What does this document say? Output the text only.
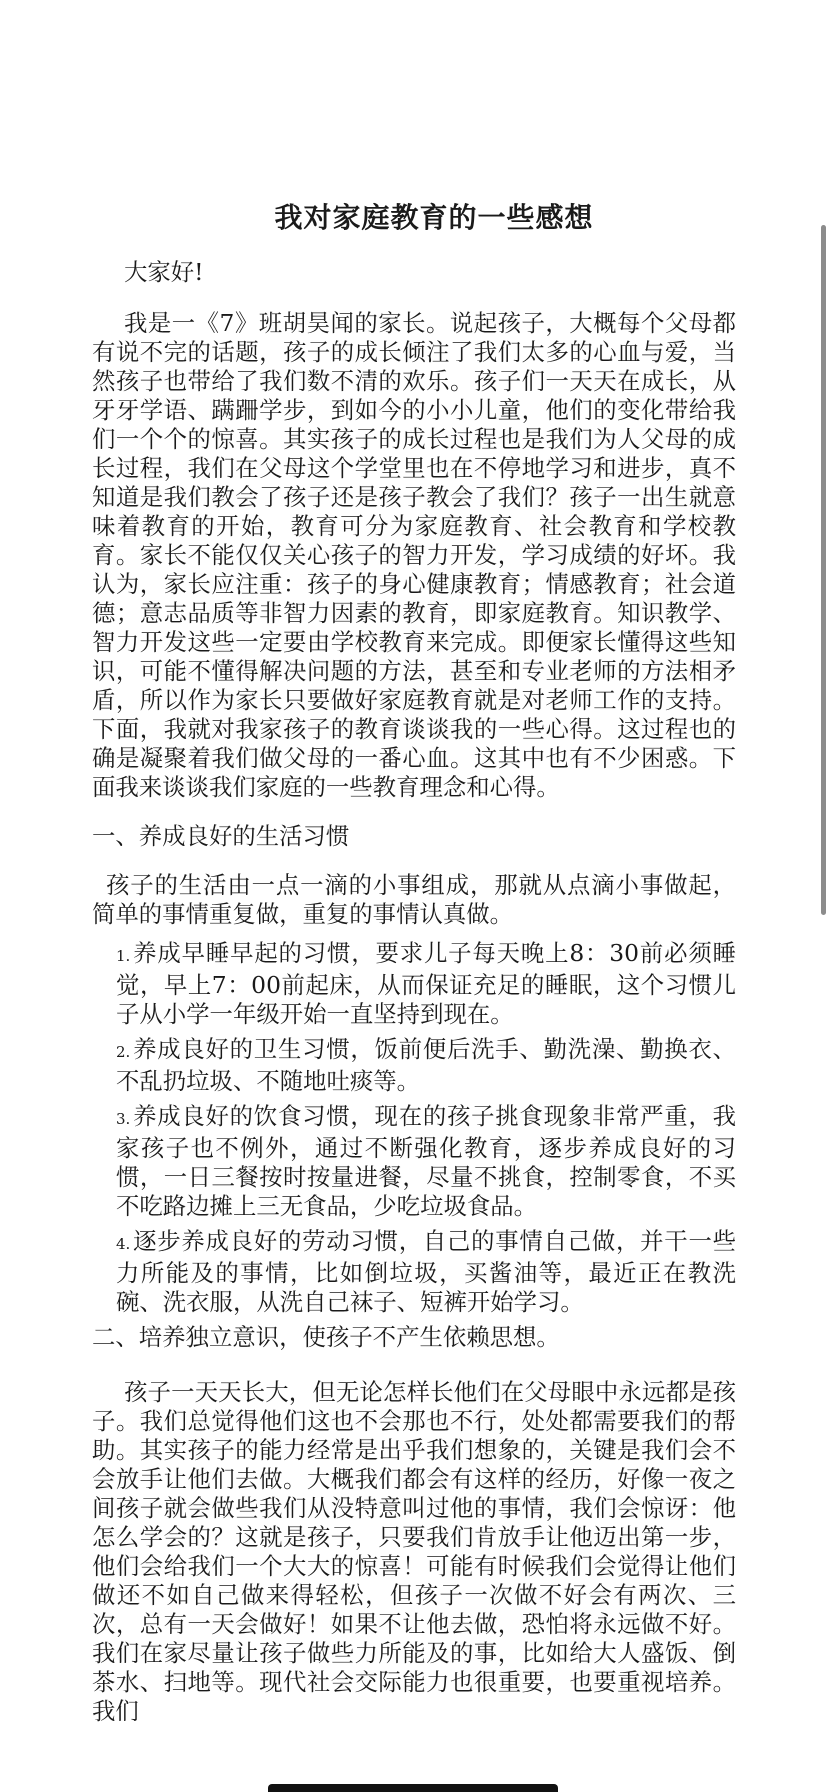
我对家庭教育的一些感想

大家好!

我是一《7》班胡昊闻的家长。说起孩子，大概每个父母都有说不完的话题，孩子的成长倾注了我们太多的心血与爱，当然孩子也带给了我们数不清的欢乐。孩子们一天天在成长，从牙牙学语、蹒跚学步，到如今的小小儿童，他们的变化带给我们一个个的惊喜。其实孩子的成长过程也是我们为人父母的成长过程，我们在父母这个学堂里也在不停地学习和进步，真不知道是我们教会了孩子还是孩子教会了我们？孩子一出生就意味着教育的开始，教育可分为家庭教育、社会教育和学校教育。家长不能仅仅关心孩子的智力开发，学习成绩的好坏。我认为，家长应注重：孩子的身心健康教育；情感教育；社会道德；意志品质等非智力因素的教育，即家庭教育。知识教学、智力开发这些一定要由学校教育来完成。即便家长懂得这些知识，可能不懂得解决问题的方法，甚至和专业老师的方法相矛盾，所以作为家长只要做好家庭教育就是对老师工作的支持。下面，我就对我家孩子的教育谈谈我的一些心得。这过程也的确是凝聚着我们做父母的一番心血。这其中也有不少困惑。下面我来谈谈我们家庭的一些教育理念和心得。

一、养成良好的生活习惯

孩子的生活由一点一滴的小事组成，那就从点滴小事做起，简单的事情重复做，重复的事情认真做。

1.养成早睡早起的习惯，要求儿子每天晚上8：30前必须睡觉，早上7：00前起床，从而保证充足的睡眠，这个习惯儿子从小学一年级开始一直坚持到现在。
2.养成良好的卫生习惯，饭前便后洗手、勤洗澡、勤换衣、不乱扔垃圾、不随地吐痰等。
3.养成良好的饮食习惯，现在的孩子挑食现象非常严重，我家孩子也不例外，通过不断强化教育，逐步养成良好的习惯，一日三餐按时按量进餐，尽量不挑食，控制零食，不买不吃路边摊上三无食品，少吃垃圾食品。
4.逐步养成良好的劳动习惯，自己的事情自己做，并干一些力所能及的事情，比如倒垃圾，买酱油等，最近正在教洗碗、洗衣服，从洗自己袜子、短裤开始学习。

二、培养独立意识，使孩子不产生依赖思想。

孩子一天天长大，但无论怎样长他们在父母眼中永远都是孩子。我们总觉得他们这也不会那也不行，处处都需要我们的帮助。其实孩子的能力经常是出乎我们想象的，关键是我们会不会放手让他们去做。大概我们都会有这样的经历，好像一夜之间孩子就会做些我们从没特意叫过他的事情，我们会惊讶：他怎么学会的？这就是孩子，只要我们肯放手让他迈出第一步，他们会给我们一个大大的惊喜！可能有时候我们会觉得让他们做还不如自己做来得轻松，但孩子一次做不好会有两次、三次，总有一天会做好！如果不让他去做，恐怕将永远做不好。我们在家尽量让孩子做些力所能及的事，比如给大人盛饭、倒茶水、扫地等。现代社会交际能力也很重要，也要重视培养。我们
